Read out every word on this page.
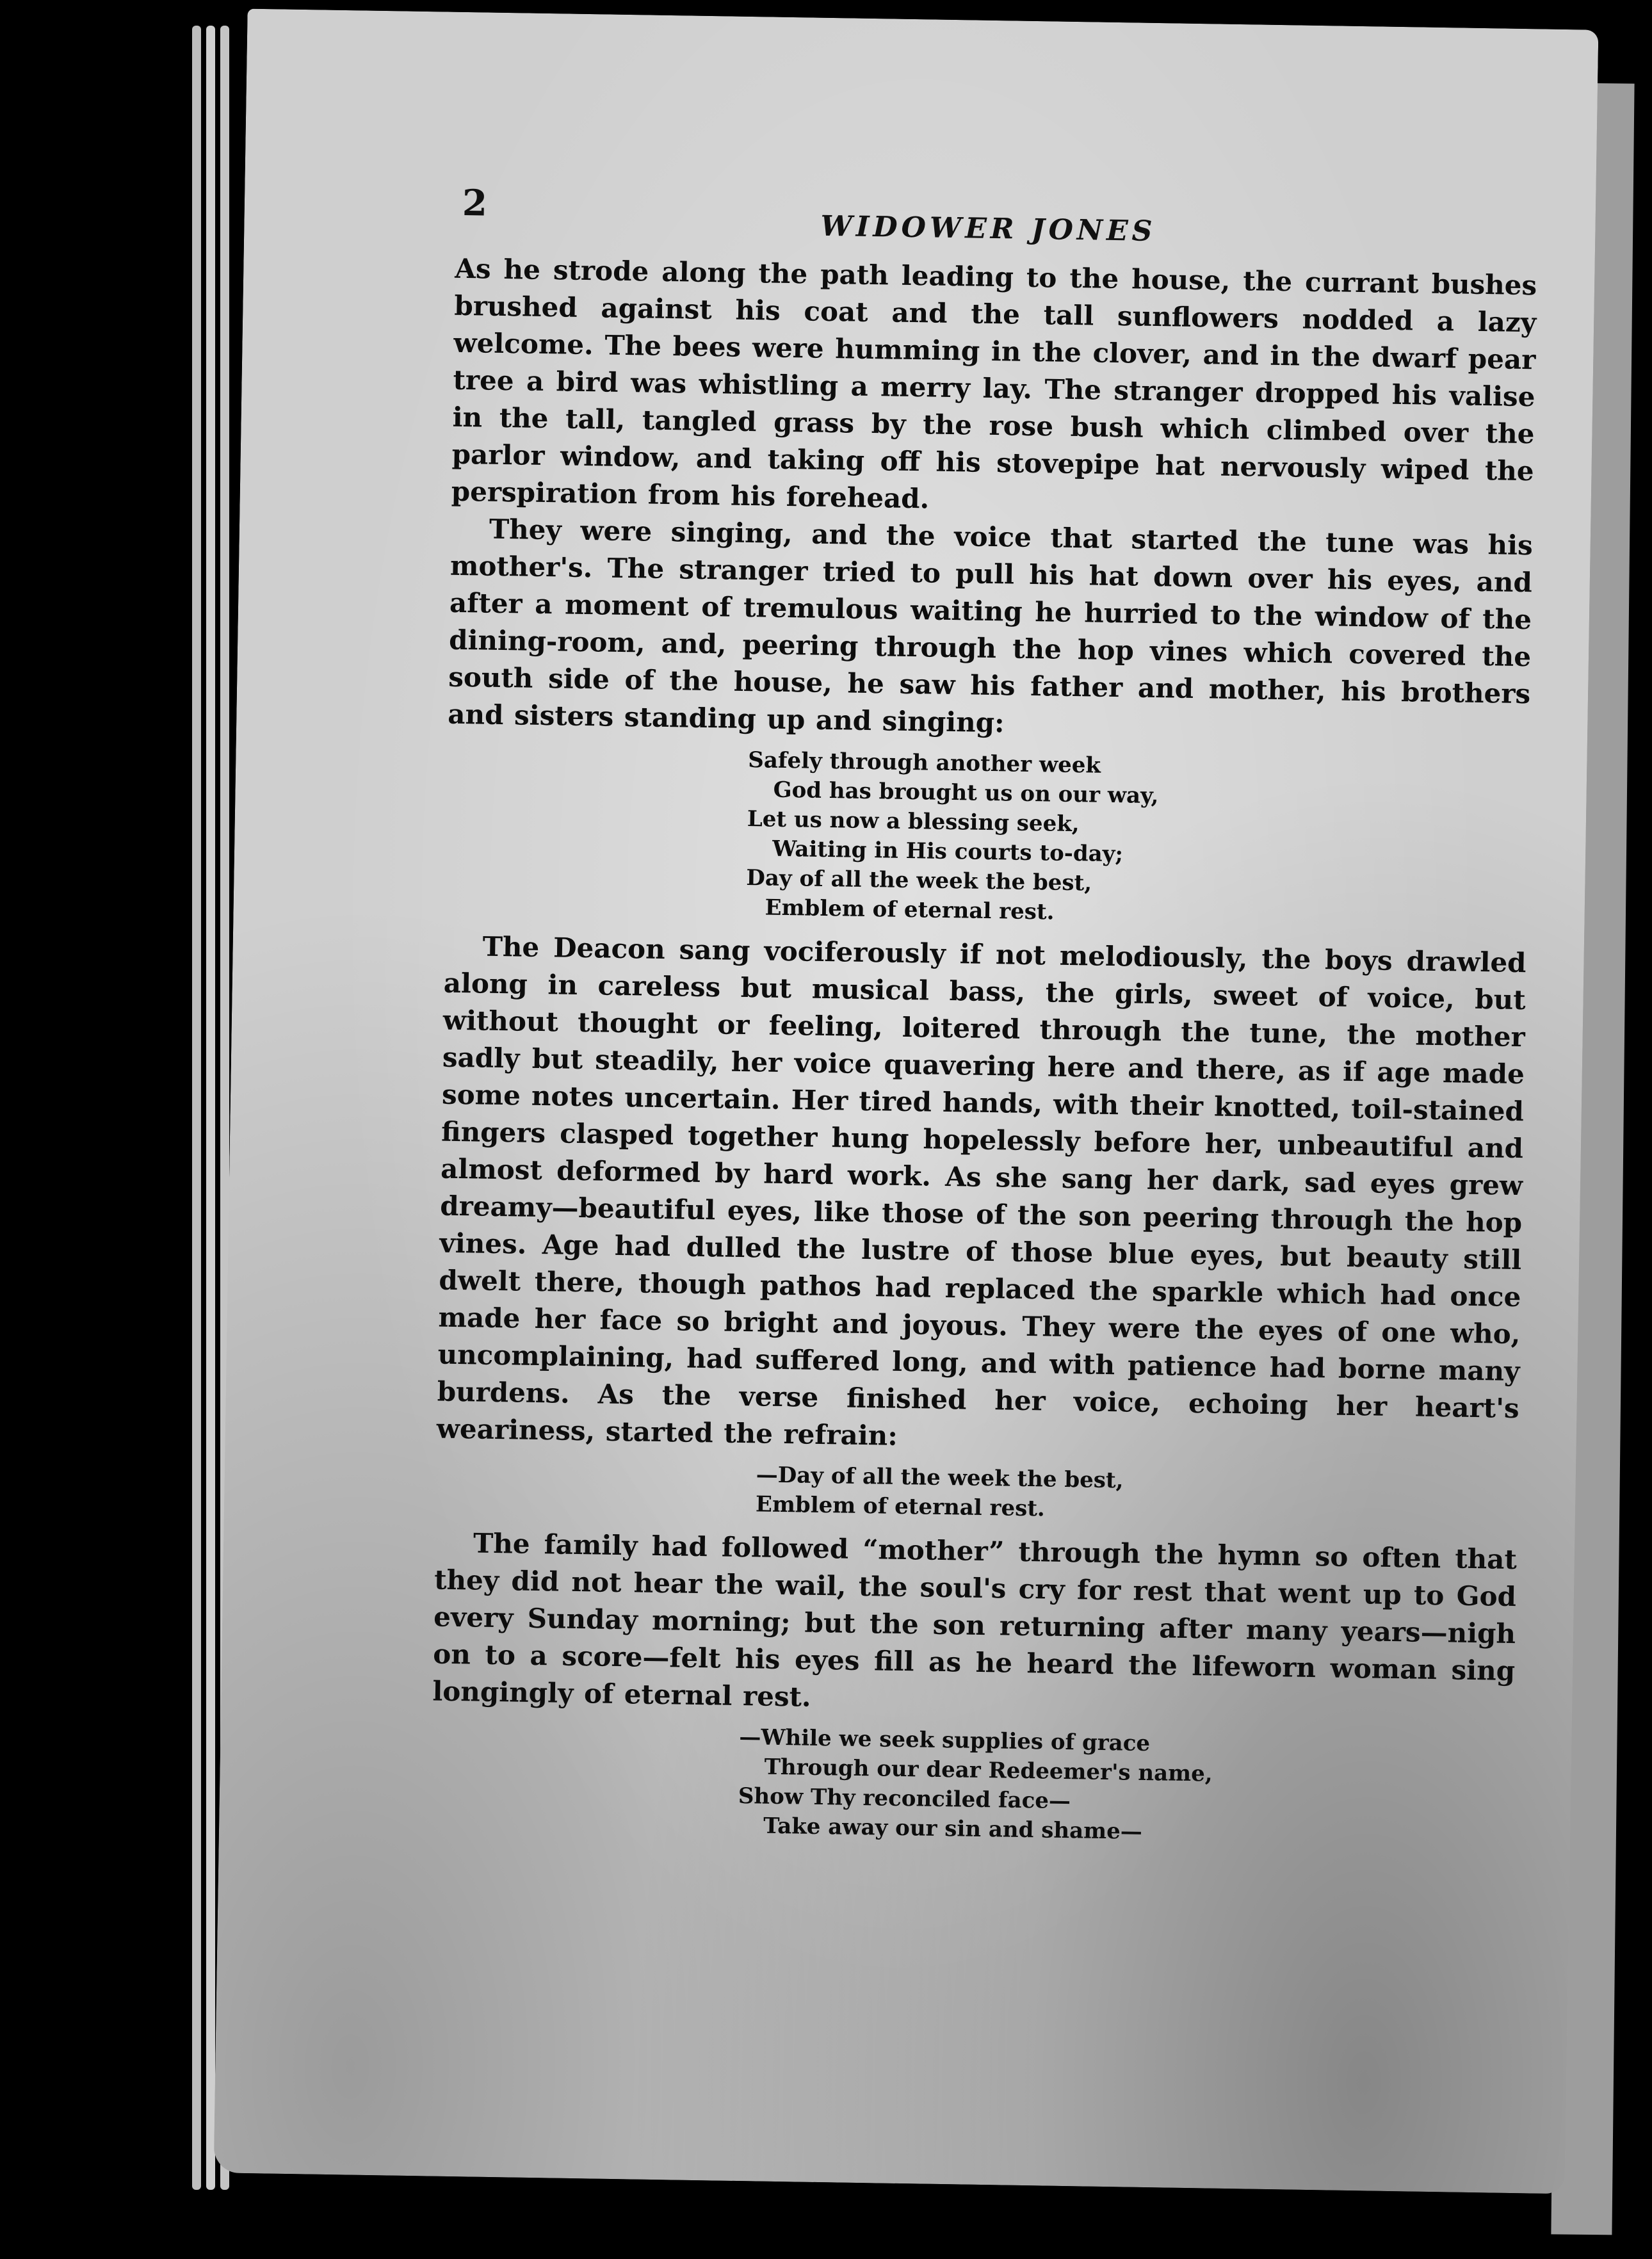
2
WIDOWER JONES

As he strode along the path leading to the house, the currant bushes brushed against his coat and the tall sunflowers nodded a lazy welcome. The bees were humming in the clover, and in the dwarf pear tree a bird was whistling a merry lay. The stranger dropped his valise in the tall, tangled grass by the rose bush which climbed over the parlor window, and taking off his stovepipe hat nervously wiped the perspiration from his forehead.

They were singing, and the voice that started the tune was his mother's. The stranger tried to pull his hat down over his eyes, and after a moment of tremulous waiting he hurried to the window of the dining-room, and, peering through the hop vines which covered the south side of the house, he saw his father and mother, his brothers and sisters standing up and singing:

Safely through another week
God has brought us on our way,
Let us now a blessing seek,
Waiting in His courts to-day;
Day of all the week the best,
Emblem of eternal rest.

The Deacon sang vociferously if not melodiously, the boys drawled along in careless but musical bass, the girls, sweet of voice, but without thought or feeling, loitered through the tune, the mother sadly but steadily, her voice quavering here and there, as if age made some notes uncertain. Her tired hands, with their knotted, toil-stained fingers clasped together hung hopelessly before her, unbeautiful and almost deformed by hard work. As she sang her dark, sad eyes grew dreamy—beautiful eyes, like those of the son peering through the hop vines. Age had dulled the lustre of those blue eyes, but beauty still dwelt there, though pathos had replaced the sparkle which had once made her face so bright and joyous. They were the eyes of one who, uncomplaining, had suffered long, and with patience had borne many burdens. As the verse finished her voice, echoing her heart's weariness, started the refrain:

—Day of all the week the best,
Emblem of eternal rest.

The family had followed “mother” through the hymn so often that they did not hear the wail, the soul's cry for rest that went up to God every Sunday morning; but the son returning after many years—nigh on to a score—felt his eyes fill as he heard the lifeworn woman sing longingly of eternal rest.

—While we seek supplies of grace
Through our dear Redeemer's name,
Show Thy reconciled face—
Take away our sin and shame—
